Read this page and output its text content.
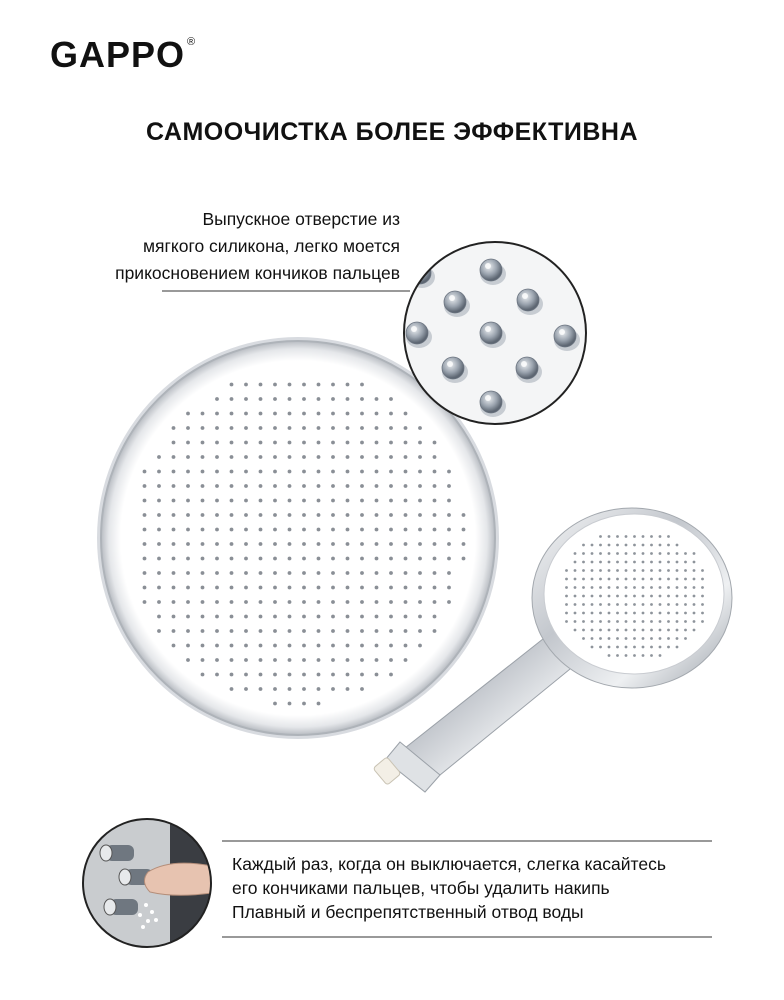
GAPPO ®
САМООЧИСТКА БОЛЕЕ ЭФФЕКТИВНА
Выпускное отверстие из
мягкого силикона, легко моется
прикосновением кончиков пальцев
Каждый раз, когда он выключается, слегка касайтесь
его кончиками пальцев, чтобы удалить накипь
Плавный и беспрепятственный отвод воды
